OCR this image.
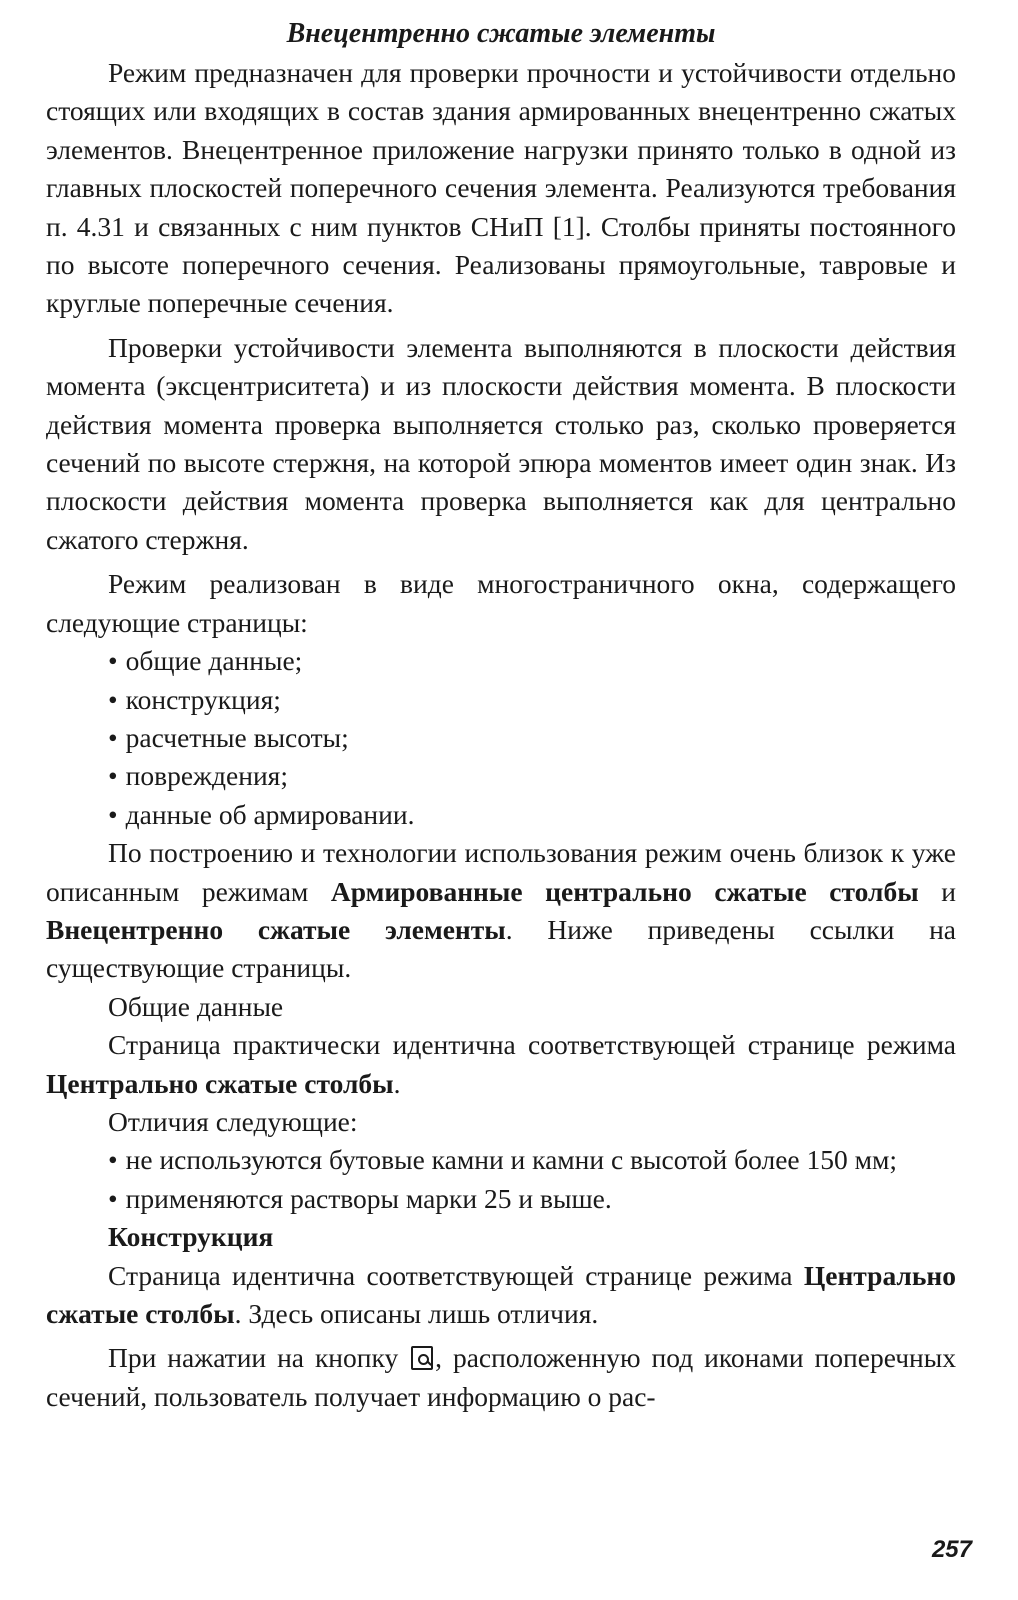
Внецентренно сжатые элементы

Режим предназначен для проверки прочности и устойчивости отдельно стоящих или входящих в состав здания армированных внецентренно сжатых элементов. Внецентренное приложение нагрузки принято только в одной из главных плоскостей поперечного сечения элемента. Реализуются требования п. 4.31 и связанных с ним пунктов СНиП [1]. Столбы приняты постоянного по высоте поперечного сечения. Реализованы прямоугольные, тавровые и круглые поперечные сечения.

Проверки устойчивости элемента выполняются в плоскости действия момента (эксцентриситета) и из плоскости действия момента. В плоскости действия момента проверка выполняется столько раз, сколько проверяется сечений по высоте стержня, на которой эпюра моментов имеет один знак. Из плоскости действия момента проверка выполняется как для центрально сжатого стержня.

Режим реализован в виде многостраничного окна, содержащего следующие страницы:

• общие данные;
• конструкция;
• расчетные высоты;
• повреждения;
• данные об армировании.

По построению и технологии использования режим очень близок к уже описанным режимам Армированные центрально сжатые столбы и Внецентренно сжатые элементы. Ниже приведены ссылки на существующие страницы.

Общие данные

Страница практически идентична соответствующей странице режима Центрально сжатые столбы.

Отличия следующие:

• не используются бутовые камни и камни с высотой более 150 мм;
• применяются растворы марки 25 и выше.

Конструкция

Страница идентична соответствующей странице режима Центрально сжатые столбы. Здесь описаны лишь отличия.

При нажатии на кнопку , расположенную под иконами поперечных сечений, пользователь получает информацию о рас-

257
